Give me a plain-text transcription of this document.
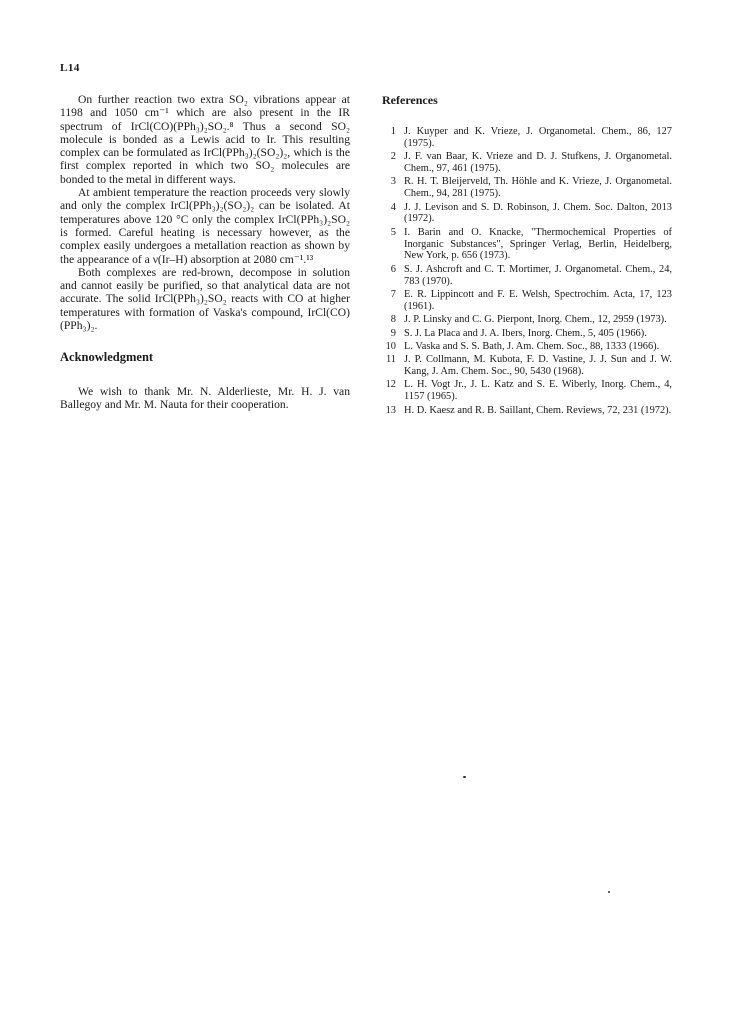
L14

On further reaction two extra SO₂ vibrations appear at 1198 and 1050 cm⁻¹ which are also present in the IR spectrum of IrCl(CO)(PPh₃)₂SO₂.⁸ Thus a second SO₂ molecule is bonded as a Lewis acid to Ir. This resulting complex can be formulated as IrCl(PPh₃)₂(SO₂)₂, which is the first complex reported in which two SO₂ molecules are bonded to the metal in different ways.

At ambient temperature the reaction proceeds very slowly and only the complex IrCl(PPh₃)₂(SO₂)₂ can be isolated. At temperatures above 120 °C only the complex IrCl(PPh₃)₂SO₂ is formed. Careful heating is necessary however, as the complex easily undergoes a metallation reaction as shown by the appearance of a ν(Ir–H) absorption at 2080 cm⁻¹.¹³

Both complexes are red-brown, decompose in solution and cannot easily be purified, so that analytical data are not accurate. The solid IrCl(PPh₃)₂SO₂ reacts with CO at higher temperatures with formation of Vaska's compound, IrCl(CO)(PPh₃)₂.

Acknowledgment

We wish to thank Mr. N. Alderlieste, Mr. H. J. van Ballegoy and Mr. M. Nauta for their cooperation.

References
1 J. Kuyper and K. Vrieze, J. Organometal. Chem., 86, 127 (1975).
2 J. F. van Baar, K. Vrieze and D. J. Stufkens, J. Organometal. Chem., 97, 461 (1975).
3 R. H. T. Bleijerveld, Th. Höhle and K. Vrieze, J. Organometal. Chem., 94, 281 (1975).
4 J. J. Levison and S. D. Robinson, J. Chem. Soc. Dalton, 2013 (1972).
5 I. Barin and O. Knacke, "Thermochemical Properties of Inorganic Substances", Springer Verlag, Berlin, Heidelberg, New York, p. 656 (1973).
6 S. J. Ashcroft and C. T. Mortimer, J. Organometal. Chem., 24, 783 (1970).
7 E. R. Lippincott and F. E. Welsh, Spectrochim. Acta, 17, 123 (1961).
8 J. P. Linsky and C. G. Pierpont, Inorg. Chem., 12, 2959 (1973).
9 S. J. La Placa and J. A. Ibers, Inorg. Chem., 5, 405 (1966).
10 L. Vaska and S. S. Bath, J. Am. Chem. Soc., 88, 1333 (1966).
11 J. P. Collmann, M. Kubota, F. D. Vastine, J. J. Sun and J. W. Kang, J. Am. Chem. Soc., 90, 5430 (1968).
12 L. H. Vogt Jr., J. L. Katz and S. E. Wiberly, Inorg. Chem., 4, 1157 (1965).
13 H. D. Kaesz and R. B. Saillant, Chem. Reviews, 72, 231 (1972).
